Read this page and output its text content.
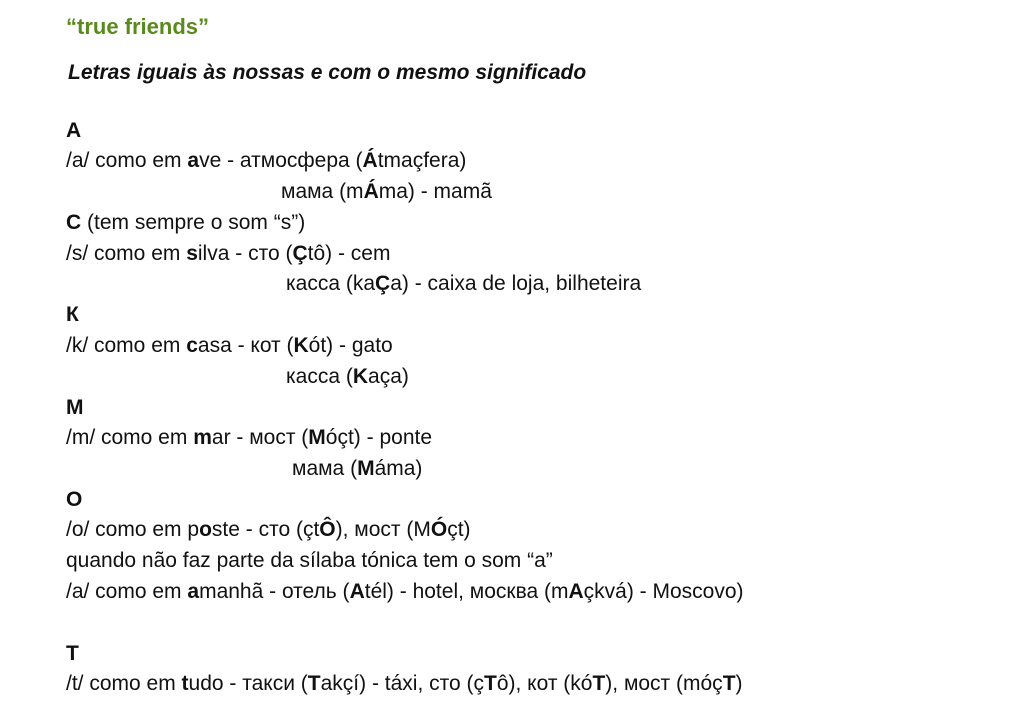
“true friends”
Letras iguais às nossas e com o mesmo significado
A
/a/ como em ave - атмосфера (Átmaçfera)
мама (mÁma) - mamã
C (tem sempre o som “s”)
/s/ como em silva - сто (Çtô) - cem
касса (kaÇa) - caixa de loja, bilheteira
К
/k/ como em casa - кот (Kót) - gato
касса (Kaça)
M
/m/ como em mar - мост (Móçt) - ponte
мама (Máma)
O
/o/ como em poste - сто (çtÔ), мост (MÓçt)
quando não faz parte da sílaba tónica tem o som “a”
/a/ como em amanhã - отель (Atél) - hotel, москва (mAçkvá) - Moscovo)
T
/t/ como em tudo - такси (Takçí) - táxi, сто (çTô), кот (kóT), мост (móçT)
